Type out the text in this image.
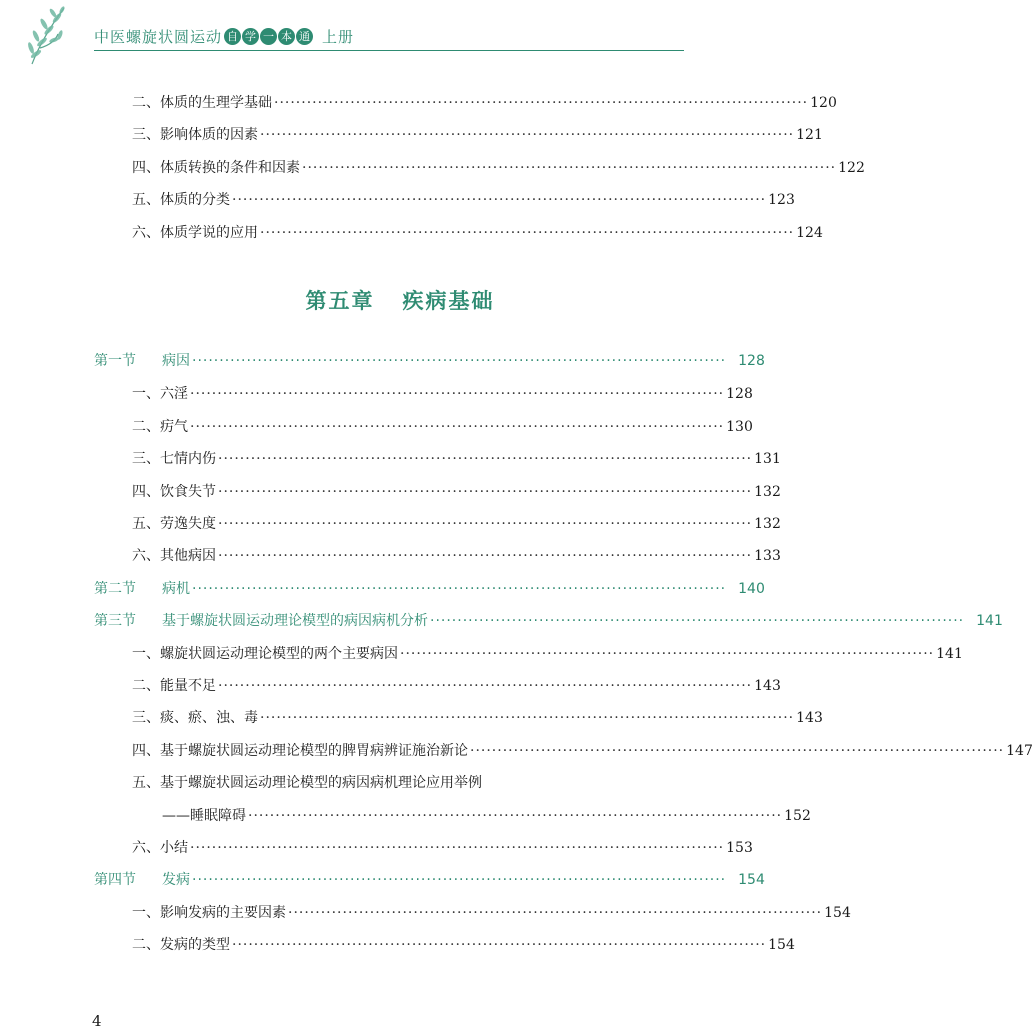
中医螺旋状圆运动 自 学 一 本 通 上册
二、体质的生理学基础 ·································································································· 120
三、影响体质的因素 ·································································································· 121
四、体质转换的条件和因素 ·································································································· 122
五、体质的分类 ·································································································· 123
六、体质学说的应用 ·································································································· 124
第五章 疾病基础
第一节 病因 ·································································································· 128
一、六淫 ·································································································· 128
二、疠气 ·································································································· 130
三、七情内伤 ·································································································· 131
四、饮食失节 ·································································································· 132
五、劳逸失度 ·································································································· 132
六、其他病因 ·································································································· 133
第二节 病机 ·································································································· 140
第三节 基于螺旋状圆运动理论模型的病因病机分析 ·································································································· 141
一、螺旋状圆运动理论模型的两个主要病因 ·································································································· 141
二、能量不足 ·································································································· 143
三、痰、瘀、浊、毒 ·································································································· 143
四、基于螺旋状圆运动理论模型的脾胃病辨证施治新论 ·································································································· 147
五、基于螺旋状圆运动理论模型的病因病机理论应用举例
——睡眠障碍 ·································································································· 152
六、小结 ·································································································· 153
第四节 发病 ·································································································· 154
一、影响发病的主要因素 ·································································································· 154
二、发病的类型 ·································································································· 154
4
